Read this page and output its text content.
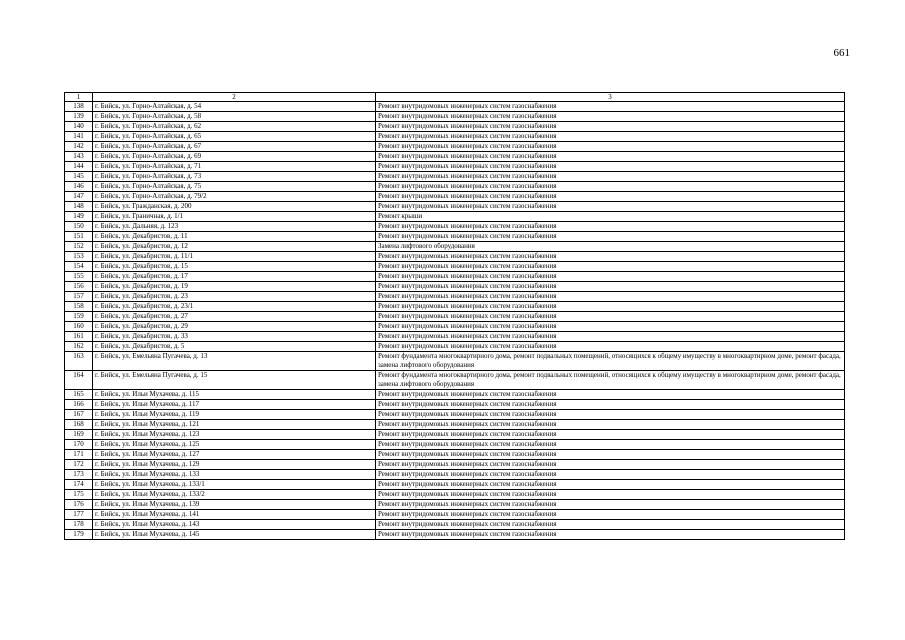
661
1	2	3
138	г. Бийск, ул. Горно-Алтайская, д. 54	Ремонт внутридомовых инженерных систем газоснабжения
139	г. Бийск, ул. Горно-Алтайская, д. 58	Ремонт внутридомовых инженерных систем газоснабжения
140	г. Бийск, ул. Горно-Алтайская, д. 62	Ремонт внутридомовых инженерных систем газоснабжения
141	г. Бийск, ул. Горно-Алтайская, д. 65	Ремонт внутридомовых инженерных систем газоснабжения
142	г. Бийск, ул. Горно-Алтайская, д. 67	Ремонт внутридомовых инженерных систем газоснабжения
143	г. Бийск, ул. Горно-Алтайская, д. 69	Ремонт внутридомовых инженерных систем газоснабжения
144	г. Бийск, ул. Горно-Алтайская, д. 71	Ремонт внутридомовых инженерных систем газоснабжения
145	г. Бийск, ул. Горно-Алтайская, д. 73	Ремонт внутридомовых инженерных систем газоснабжения
146	г. Бийск, ул. Горно-Алтайская, д. 75	Ремонт внутридомовых инженерных систем газоснабжения
147	г. Бийск, ул. Горно-Алтайская, д. 79/2	Ремонт внутридомовых инженерных систем газоснабжения
148	г. Бийск, ул. Гражданская, д. 200	Ремонт внутридомовых инженерных систем газоснабжения
149	г. Бийск, ул. Граничная, д. 1/1	Ремонт крыши
150	г. Бийск, ул. Дальняя, д. 123	Ремонт внутридомовых инженерных систем газоснабжения
151	г. Бийск, ул. Декабристов, д. 11	Ремонт внутридомовых инженерных систем газоснабжения
152	г. Бийск, ул. Декабристов, д. 12	Замена лифтового оборудования
153	г. Бийск, ул. Декабристов, д. 11/1	Ремонт внутридомовых инженерных систем газоснабжения
154	г. Бийск, ул. Декабристов, д. 15	Ремонт внутридомовых инженерных систем газоснабжения
155	г. Бийск, ул. Декабристов, д. 17	Ремонт внутридомовых инженерных систем газоснабжения
156	г. Бийск, ул. Декабристов, д. 19	Ремонт внутридомовых инженерных систем газоснабжения
157	г. Бийск, ул. Декабристов, д. 23	Ремонт внутридомовых инженерных систем газоснабжения
158	г. Бийск, ул. Декабристов, д. 23/1	Ремонт внутридомовых инженерных систем газоснабжения
159	г. Бийск, ул. Декабристов, д. 27	Ремонт внутридомовых инженерных систем газоснабжения
160	г. Бийск, ул. Декабристов, д. 29	Ремонт внутридомовых инженерных систем газоснабжения
161	г. Бийск, ул. Декабристов, д. 33	Ремонт внутридомовых инженерных систем газоснабжения
162	г. Бийск, ул. Декабристов, д. 5	Ремонт внутридомовых инженерных систем газоснабжения
163	г. Бийск, ул. Емельяна Пугачева, д. 13	Ремонт фундамента многоквартирного дома, ремонт подвальных помещений, относящихся к общему имуществу в многоквартирном доме, ремонт фасада, замена лифтового оборудования
164	г. Бийск, ул. Емельяна Пугачева, д. 15	Ремонт фундамента многоквартирного дома, ремонт подвальных помещений, относящихся к общему имуществу в многоквартирном доме, ремонт фасада, замена лифтового оборудования
165	г. Бийск, ул. Ильи Мухачева, д. 115	Ремонт внутридомовых инженерных систем газоснабжения
166	г. Бийск, ул. Ильи Мухачева, д. 117	Ремонт внутридомовых инженерных систем газоснабжения
167	г. Бийск, ул. Ильи Мухачева, д. 119	Ремонт внутридомовых инженерных систем газоснабжения
168	г. Бийск, ул. Ильи Мухачева, д. 121	Ремонт внутридомовых инженерных систем газоснабжения
169	г. Бийск, ул. Ильи Мухачева, д. 123	Ремонт внутридомовых инженерных систем газоснабжения
170	г. Бийск, ул. Ильи Мухачева, д. 125	Ремонт внутридомовых инженерных систем газоснабжения
171	г. Бийск, ул. Ильи Мухачева, д. 127	Ремонт внутридомовых инженерных систем газоснабжения
172	г. Бийск, ул. Ильи Мухачева, д. 129	Ремонт внутридомовых инженерных систем газоснабжения
173	г. Бийск, ул. Ильи Мухачева, д. 133	Ремонт внутридомовых инженерных систем газоснабжения
174	г. Бийск, ул. Ильи Мухачева, д. 133/1	Ремонт внутридомовых инженерных систем газоснабжения
175	г. Бийск, ул. Ильи Мухачева, д. 133/2	Ремонт внутридомовых инженерных систем газоснабжения
176	г. Бийск, ул. Ильи Мухачева, д. 139	Ремонт внутридомовых инженерных систем газоснабжения
177	г. Бийск, ул. Ильи Мухачева, д. 141	Ремонт внутридомовых инженерных систем газоснабжения
178	г. Бийск, ул. Ильи Мухачева, д. 143	Ремонт внутридомовых инженерных систем газоснабжения
179	г. Бийск, ул. Ильи Мухачева, д. 145	Ремонт внутридомовых инженерных систем газоснабжения
